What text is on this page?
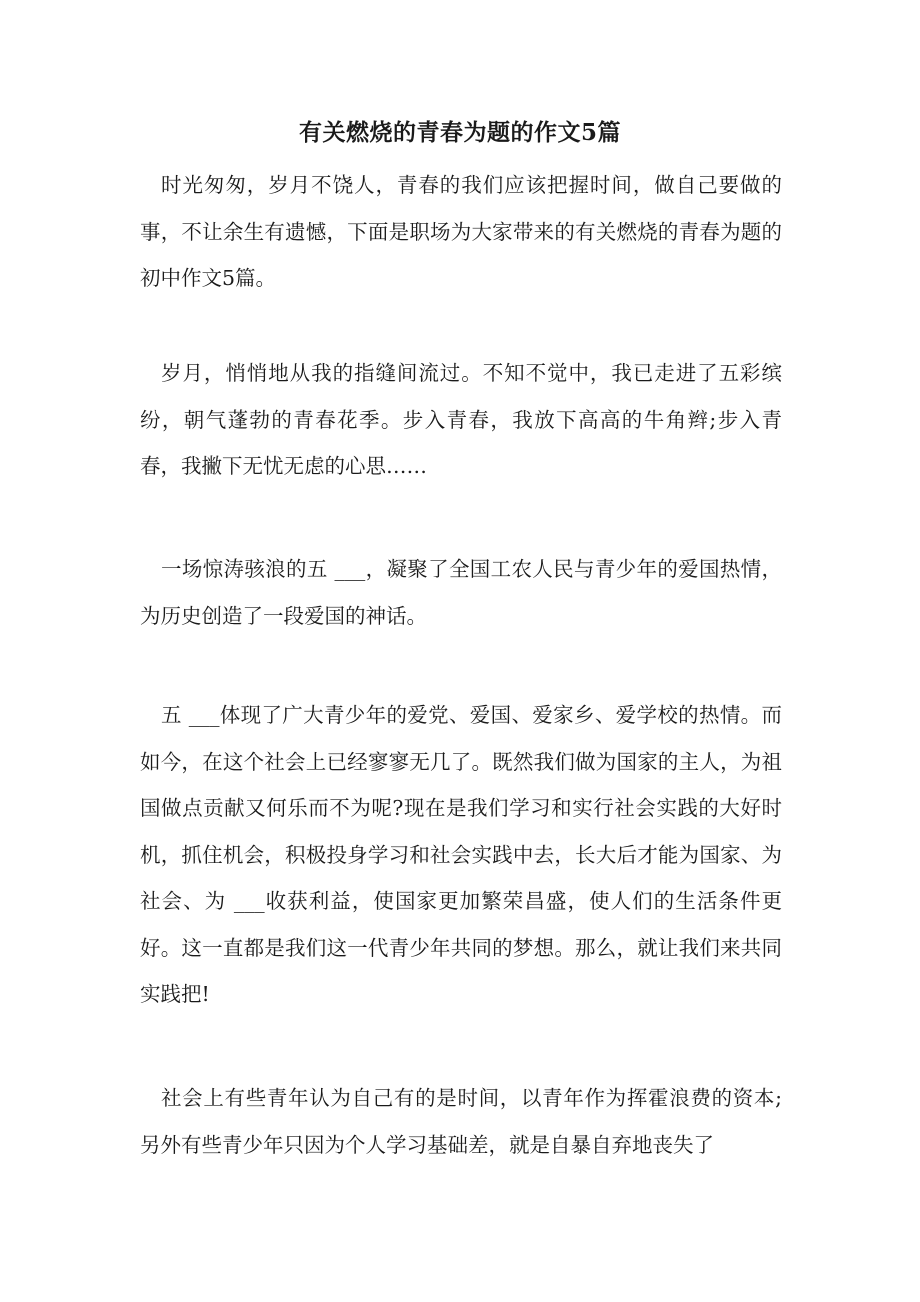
有关燃烧的青春为题的作文5篇

时光匆匆，岁月不饶人，青春的我们应该把握时间，做自己要做的事，不让余生有遗憾，下面是职场为大家带来的有关燃烧的青春为题的初中作文5篇。

岁月，悄悄地从我的指缝间流过。不知不觉中，我已走进了五彩缤纷，朝气蓬勃的青春花季。步入青春，我放下高高的牛角辫;步入青春，我撇下无忧无虑的心思……

一场惊涛骇浪的五 ___，凝聚了全国工农人民与青少年的爱国热情，为历史创造了一段爱国的神话。

五 ___体现了广大青少年的爱党、爱国、爱家乡、爱学校的热情。而如今，在这个社会上已经寥寥无几了。既然我们做为国家的主人，为祖国做点贡献又何乐而不为呢?现在是我们学习和实行社会实践的大好时机，抓住机会，积极投身学习和社会实践中去，长大后才能为国家、为社会、为 ___收获利益，使国家更加繁荣昌盛，使人们的生活条件更好。这一直都是我们这一代青少年共同的梦想。那么，就让我们来共同实践把!

社会上有些青年认为自己有的是时间，以青年作为挥霍浪费的资本;另外有些青少年只因为个人学习基础差，就是自暴自弃地丧失了
